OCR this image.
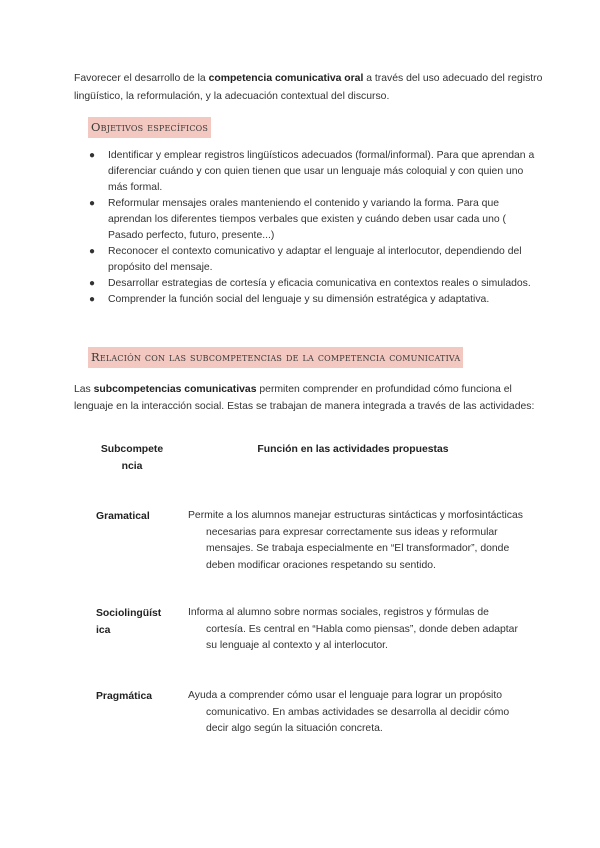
Favorecer el desarrollo de la competencia comunicativa oral a través del uso adecuado del registro lingüístico, la reformulación, y la adecuación contextual del discurso.

Objetivos específicos
● Identificar y emplear registros lingüísticos adecuados (formal/informal). Para que aprendan a diferenciar cuándo y con quien tienen que usar un lenguaje más coloquial y con quien uno más formal.
● Reformular mensajes orales manteniendo el contenido y variando la forma. Para que aprendan los diferentes tiempos verbales que existen y cuándo deben usar cada uno ( Pasado perfecto, futuro, presente...)
● Reconocer el contexto comunicativo y adaptar el lenguaje al interlocutor, dependiendo del propósito del mensaje.
● Desarrollar estrategias de cortesía y eficacia comunicativa en contextos reales o simulados.
● Comprender la función social del lenguaje y su dimensión estratégica y adaptativa.
Relación con las subcompetencias de la competencia comunicativa

Las subcompetencias comunicativas permiten comprender en profundidad cómo funciona el lenguaje en la interacción social. Estas se trabajan de manera integrada a través de las actividades:

Subcompetencia
Función en las actividades propuestas
Gramatical	Permite a los alumnos manejar estructuras sintácticas y morfosintácticas necesarias para expresar correctamente sus ideas y reformular mensajes. Se trabaja especialmente en “El transformador”, donde deben modificar oraciones respetando su sentido.
Sociolingüística
Informa al alumno sobre normas sociales, registros y fórmulas de cortesía. Es central en “Habla como piensas”, donde deben adaptar su lenguaje al contexto y al interlocutor.
Pragmática	Ayuda a comprender cómo usar el lenguaje para lograr un propósito comunicativo. En ambas actividades se desarrolla al decidir cómo decir algo según la situación concreta.
